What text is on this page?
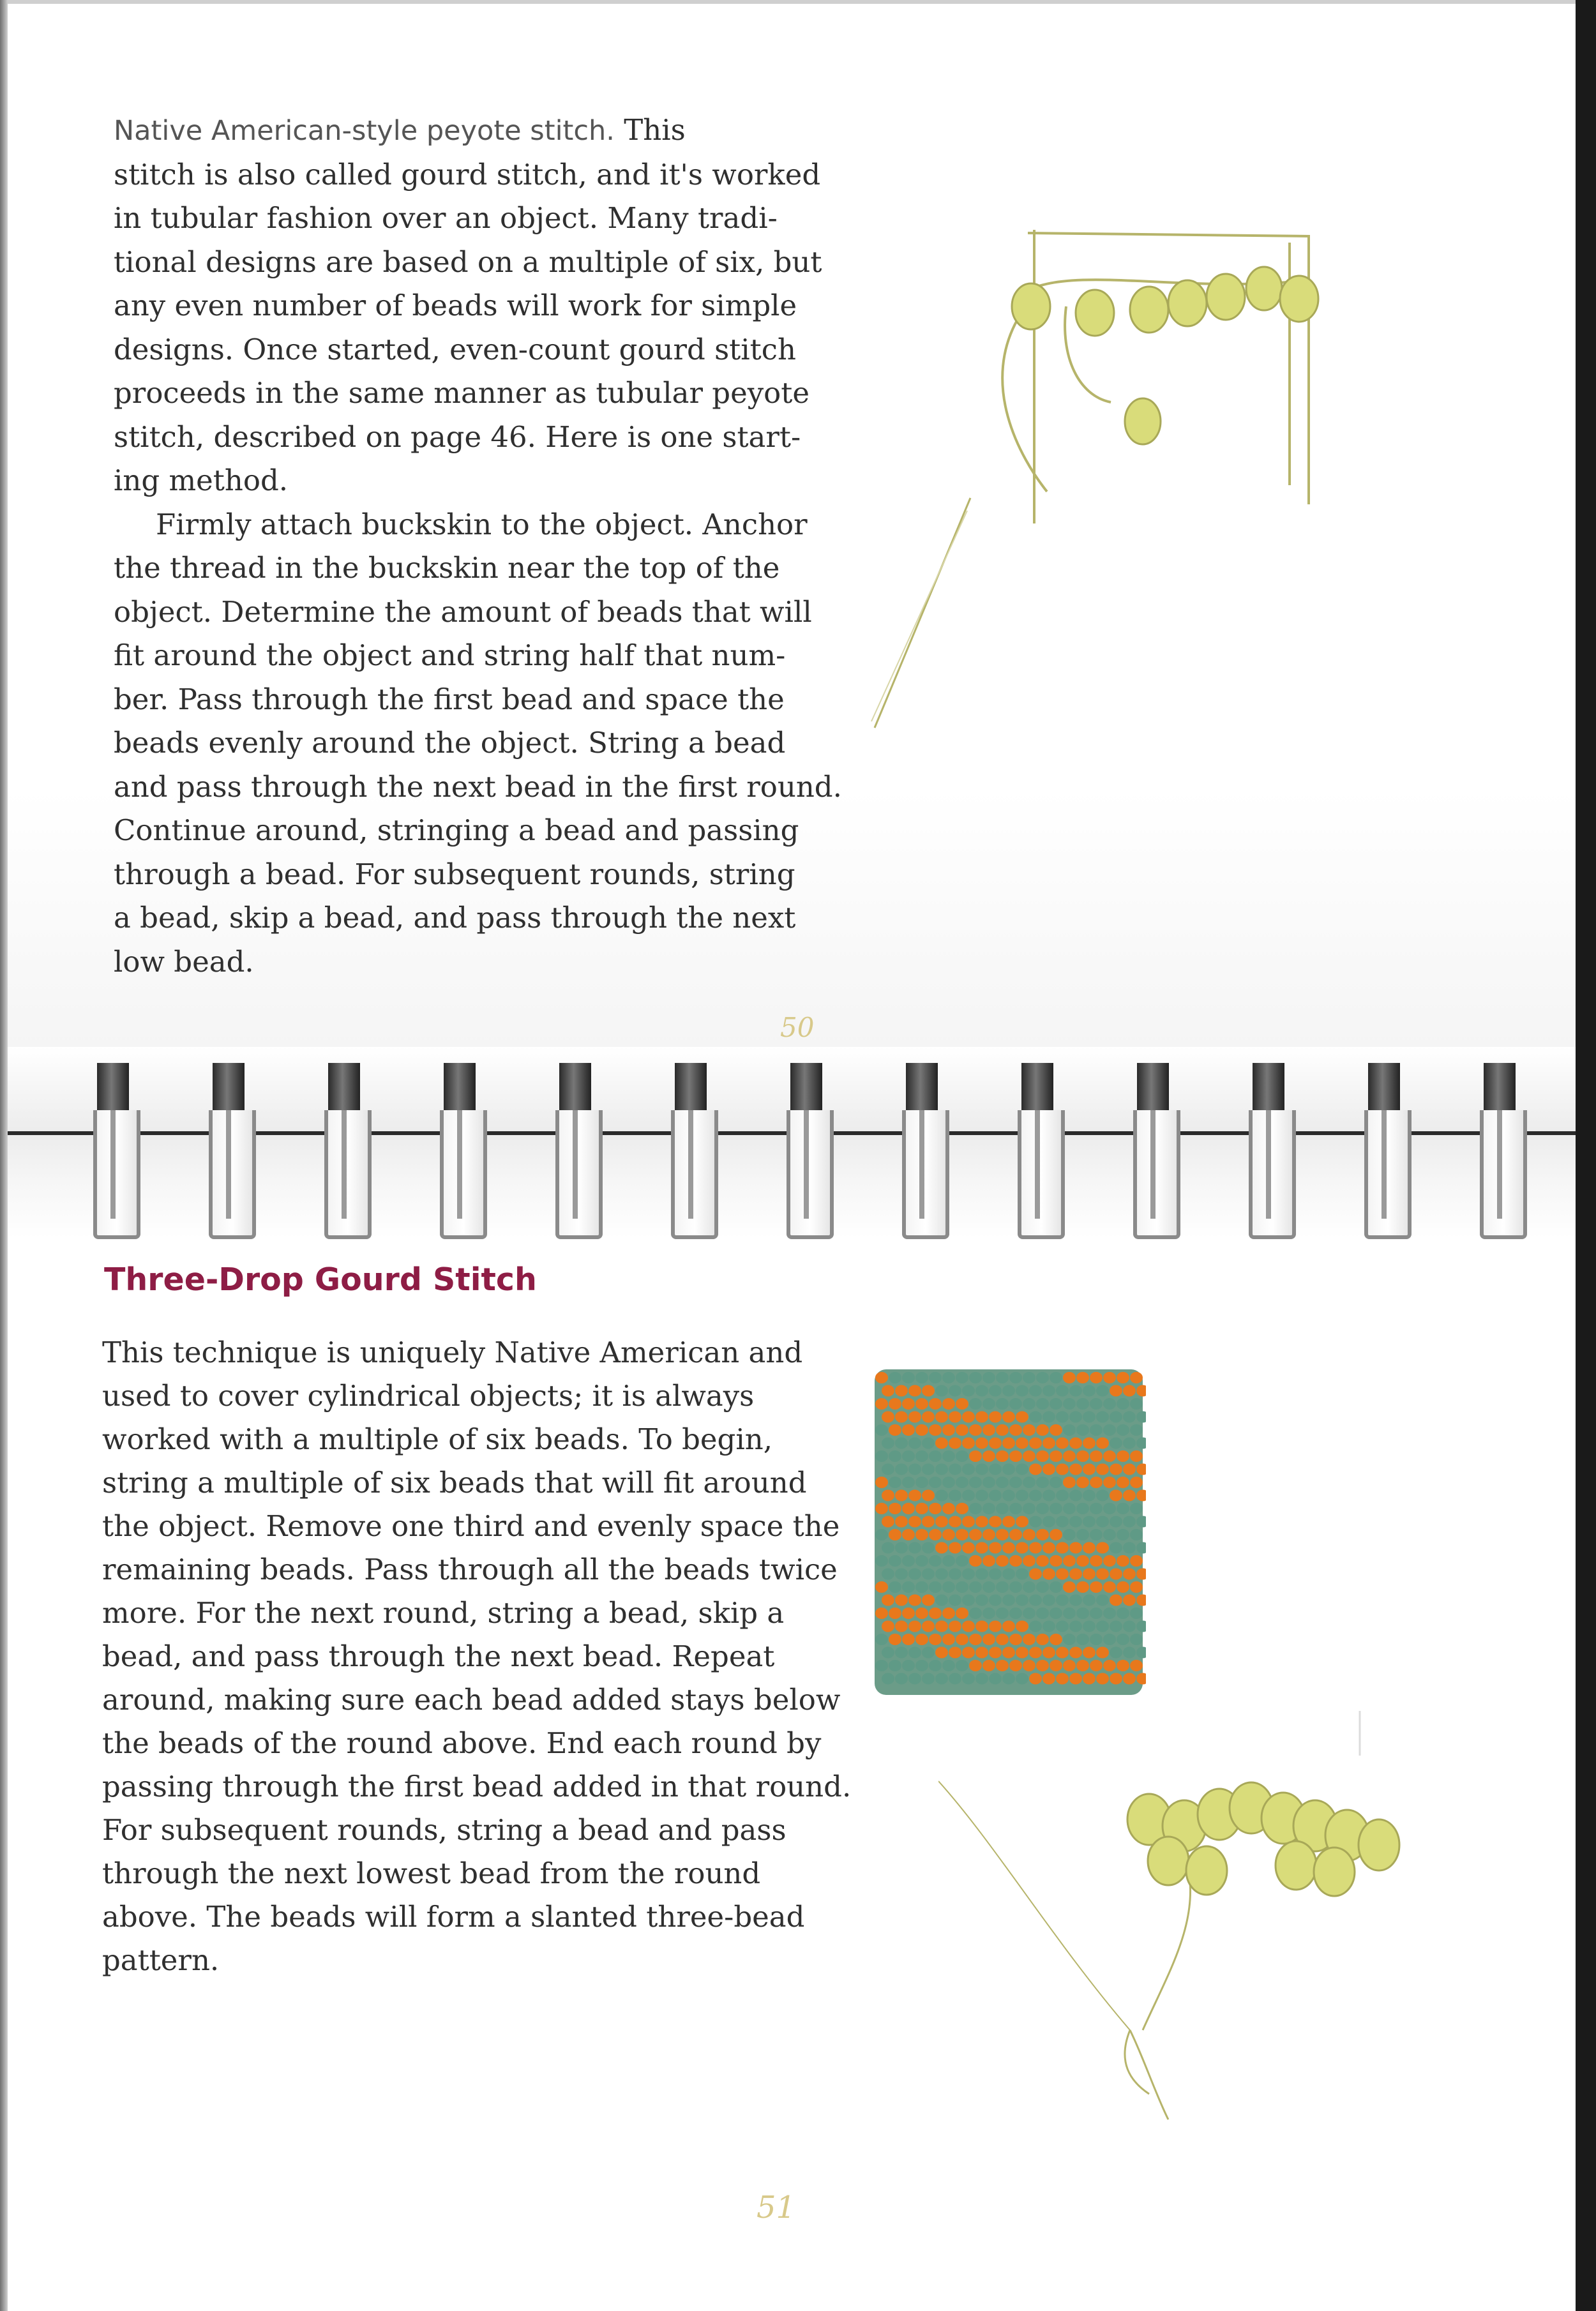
Native American-style peyote stitch. This
stitch is also called gourd stitch, and it's worked
in tubular fashion over an object. Many tradi-
tional designs are based on a multiple of six, but
any even number of beads will work for simple
designs. Once started, even-count gourd stitch
proceeds in the same manner as tubular peyote
stitch, described on page 46. Here is one start-
ing method.
Firmly attach buckskin to the object. Anchor
the thread in the buckskin near the top of the
object. Determine the amount of beads that will
fit around the object and string half that num-
ber. Pass through the first bead and space the
beads evenly around the object. String a bead
and pass through the next bead in the first round.
Continue around, stringing a bead and passing
through a bead. For subsequent rounds, string
a bead, skip a bead, and pass through the next
low bead.
50
Three-Drop Gourd Stitch
This technique is uniquely Native American and
used to cover cylindrical objects; it is always
worked with a multiple of six beads. To begin,
string a multiple of six beads that will fit around
the object. Remove one third and evenly space the
remaining beads. Pass through all the beads twice
more. For the next round, string a bead, skip a
bead, and pass through the next bead. Repeat
around, making sure each bead added stays below
the beads of the round above. End each round by
passing through the first bead added in that round.
For subsequent rounds, string a bead and pass
through the next lowest bead from the round
above. The beads will form a slanted three-bead
pattern.
51
